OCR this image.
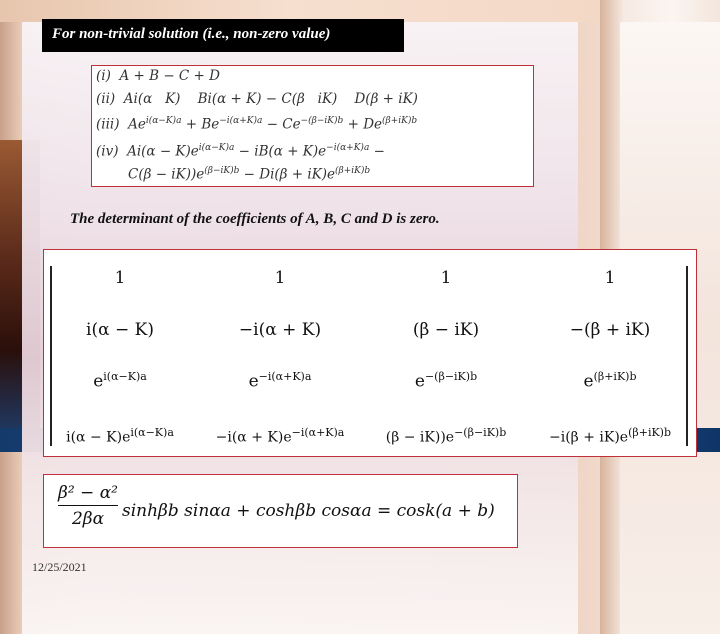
For non-trivial solution (i.e., non-zero value)
(i)  A + B − C + D
(ii)  Ai(α   K)    Bi(α + K) − C(β   iK)    D(β + iK)
(iii)  $Ae^{i(\alpha-K)a} + Be^{-i(\alpha+K)a} - Ce^{-(\beta-iK)b} + De^{(\beta+iK)b}$
(iv)  $Ai(\alpha - K)e^{i(\alpha-K)a} - iB(\alpha + K)e^{-i(\alpha+K)a}$ −
$C(\beta - iK))e^{(\beta-iK)b} - Di(\beta + iK)e^{(\beta+iK)b}$
The determinant of the coefficients of A, B, C and D is zero.
1	1	1	1
i(α − K)	−i(α + K)	(β − iK)	−(β + iK)
$e^{i(\alpha-K)a}$	$e^{-i(\alpha+K)a}$	$e^{-(\beta-iK)b}$	$e^{(\beta+iK)b}$
$i(\alpha - K)e^{i(\alpha-K)a}$	$-i(\alpha + K)e^{-i(\alpha+K)a}$	$(\beta - iK))e^{-(\beta-iK)b}$	$-i(\beta + iK)e^{(\beta+iK)b}$
$\frac{\text{β² − α²}}{2\beta\alpha}$ sinhβb sinαa + coshβb cosαa = cosk(a + b)
12/25/2021
